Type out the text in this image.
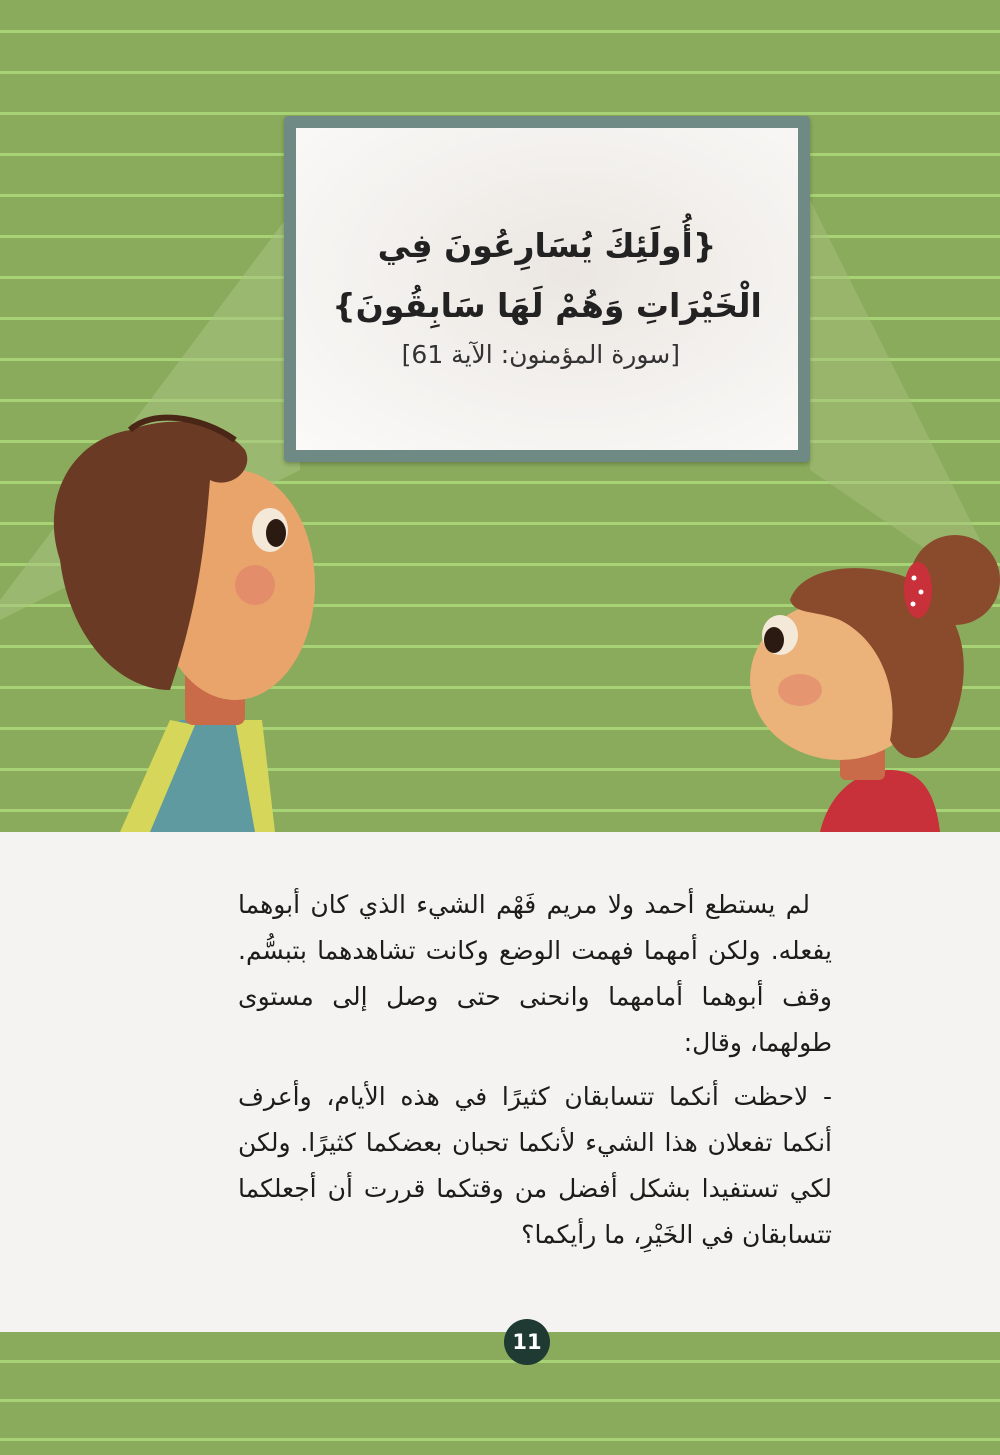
{أُولَئِكَ يُسَارِعُونَ فِي
الْخَيْرَاتِ وَهُمْ لَهَا سَابِقُونَ}
[سورة المؤمنون: الآية 61]

لم يستطع أحمد ولا مريم فَهْم الشيء الذي كان أبوهما يفعله. ولكن أمهما فهمت الوضع وكانت تشاهدهما بتبسُّم. وقف أبوهما أمامهما وانحنى حتى وصل إلى مستوى طولهما، وقال:

- لاحظت أنكما تتسابقان كثيرًا في هذه الأيام، وأعرف أنكما تفعلان هذا الشيء لأنكما تحبان بعضكما كثيرًا. ولكن لكي تستفيدا بشكل أفضل من وقتكما قررت أن أجعلكما تتسابقان في الخَيْرِ، ما رأيكما؟

11
